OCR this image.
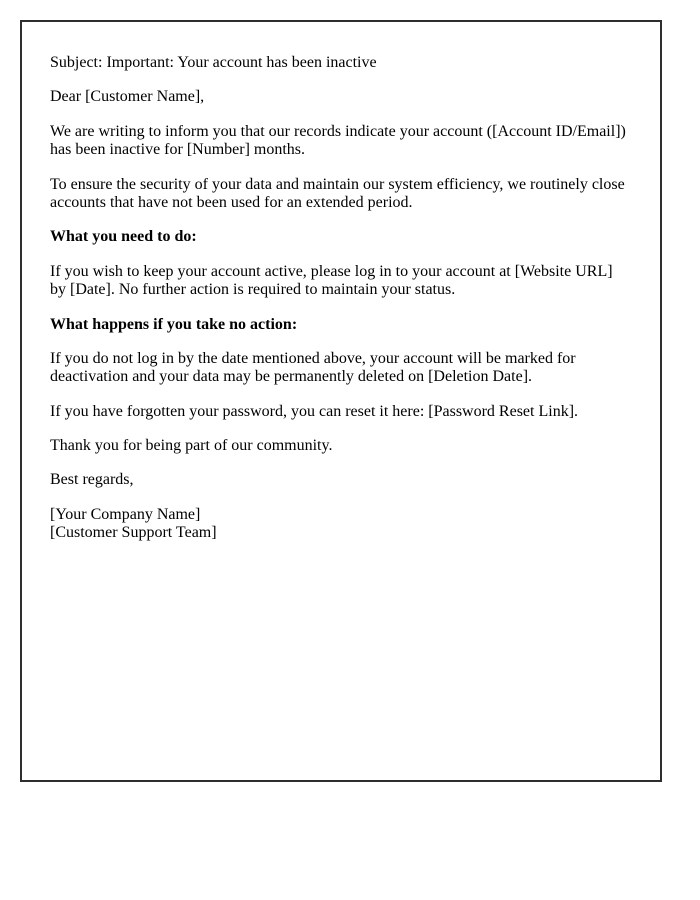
Subject: Important: Your account has been inactive

Dear [Customer Name],

We are writing to inform you that our records indicate your account ([Account ID/Email]) has been inactive for [Number] months.

To ensure the security of your data and maintain our system efficiency, we routinely close accounts that have not been used for an extended period.

What you need to do:

If you wish to keep your account active, please log in to your account at [Website URL] by [Date]. No further action is required to maintain your status.

What happens if you take no action:

If you do not log in by the date mentioned above, your account will be marked for deactivation and your data may be permanently deleted on [Deletion Date].

If you have forgotten your password, you can reset it here: [Password Reset Link].

Thank you for being part of our community.

Best regards,

[Your Company Name]
[Customer Support Team]
